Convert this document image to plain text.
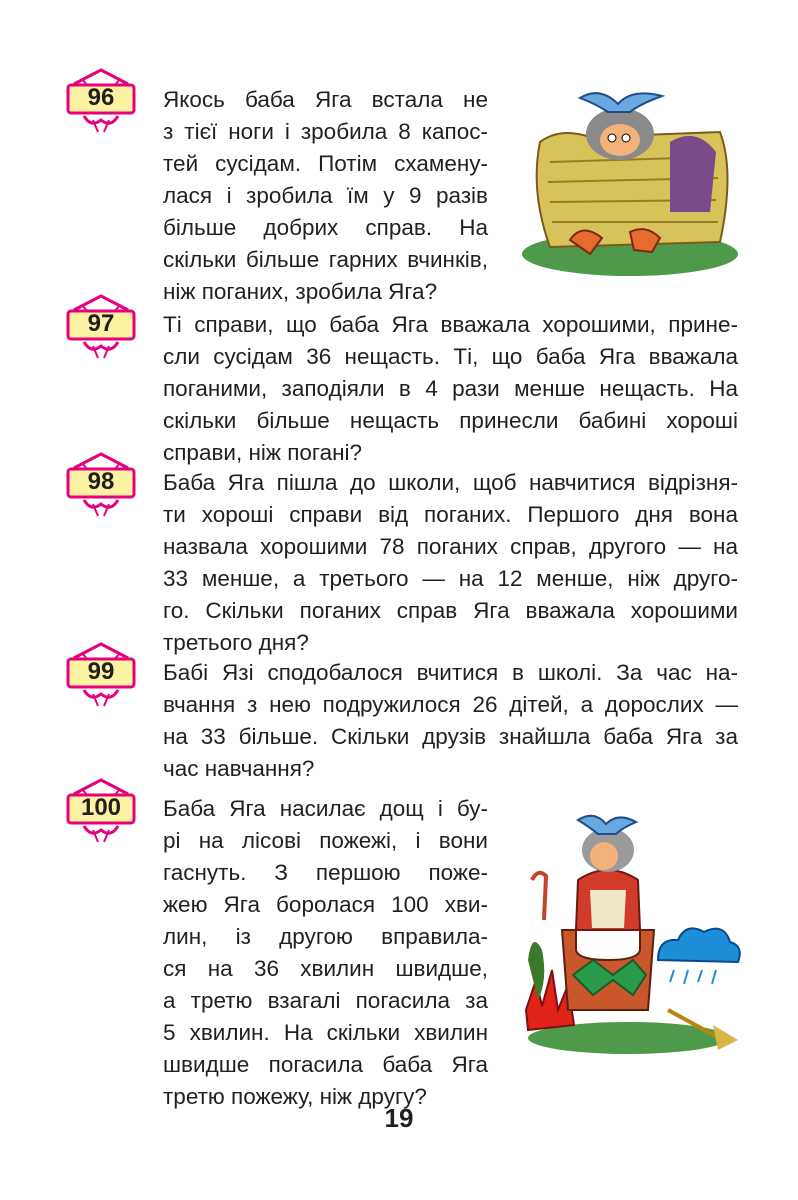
96	Якось баба Яга встала не
з тієї ноги і зробила 8 капос-
тей сусідам. Потім схамену-
лася і зробила їм у 9 разів
більше добрих справ. На
скільки більше гарних вчинків,
ніж поганих, зробила Яга?

97	Ті справи, що баба Яга вважала хорошими, прине-
сли сусідам 36 нещасть. Ті, що баба Яга вважала
поганими, заподіяли в 4 рази менше нещасть. На
скільки більше нещасть принесли бабині хороші
справи, ніж погані?

98	Баба Яга пішла до школи, щоб навчитися відрізня-
ти хороші справи від поганих. Першого дня вона
назвала хорошими 78 поганих справ, другого — на
33 менше, а третього — на 12 менше, ніж друго-
го. Скільки поганих справ Яга вважала хорошими
третього дня?

99	Бабі Язі сподобалося вчитися в школі. За час на-
вчання з нею подружилося 26 дітей, а дорослих —
на 33 більше. Скільки друзів знайшла баба Яга за
час навчання?

100	Баба Яга насилає дощ і бу-
рі на лісові пожежі, і вони
гаснуть. З першою поже-
жею Яга боролася 100 хви-
лин, із другою вправила-
ся на 36 хвилин швидше,
а третю взагалі погасила за
5 хвилин. На скільки хвилин
швидше погасила баба Яга
третю пожежу, ніж другу?

19
